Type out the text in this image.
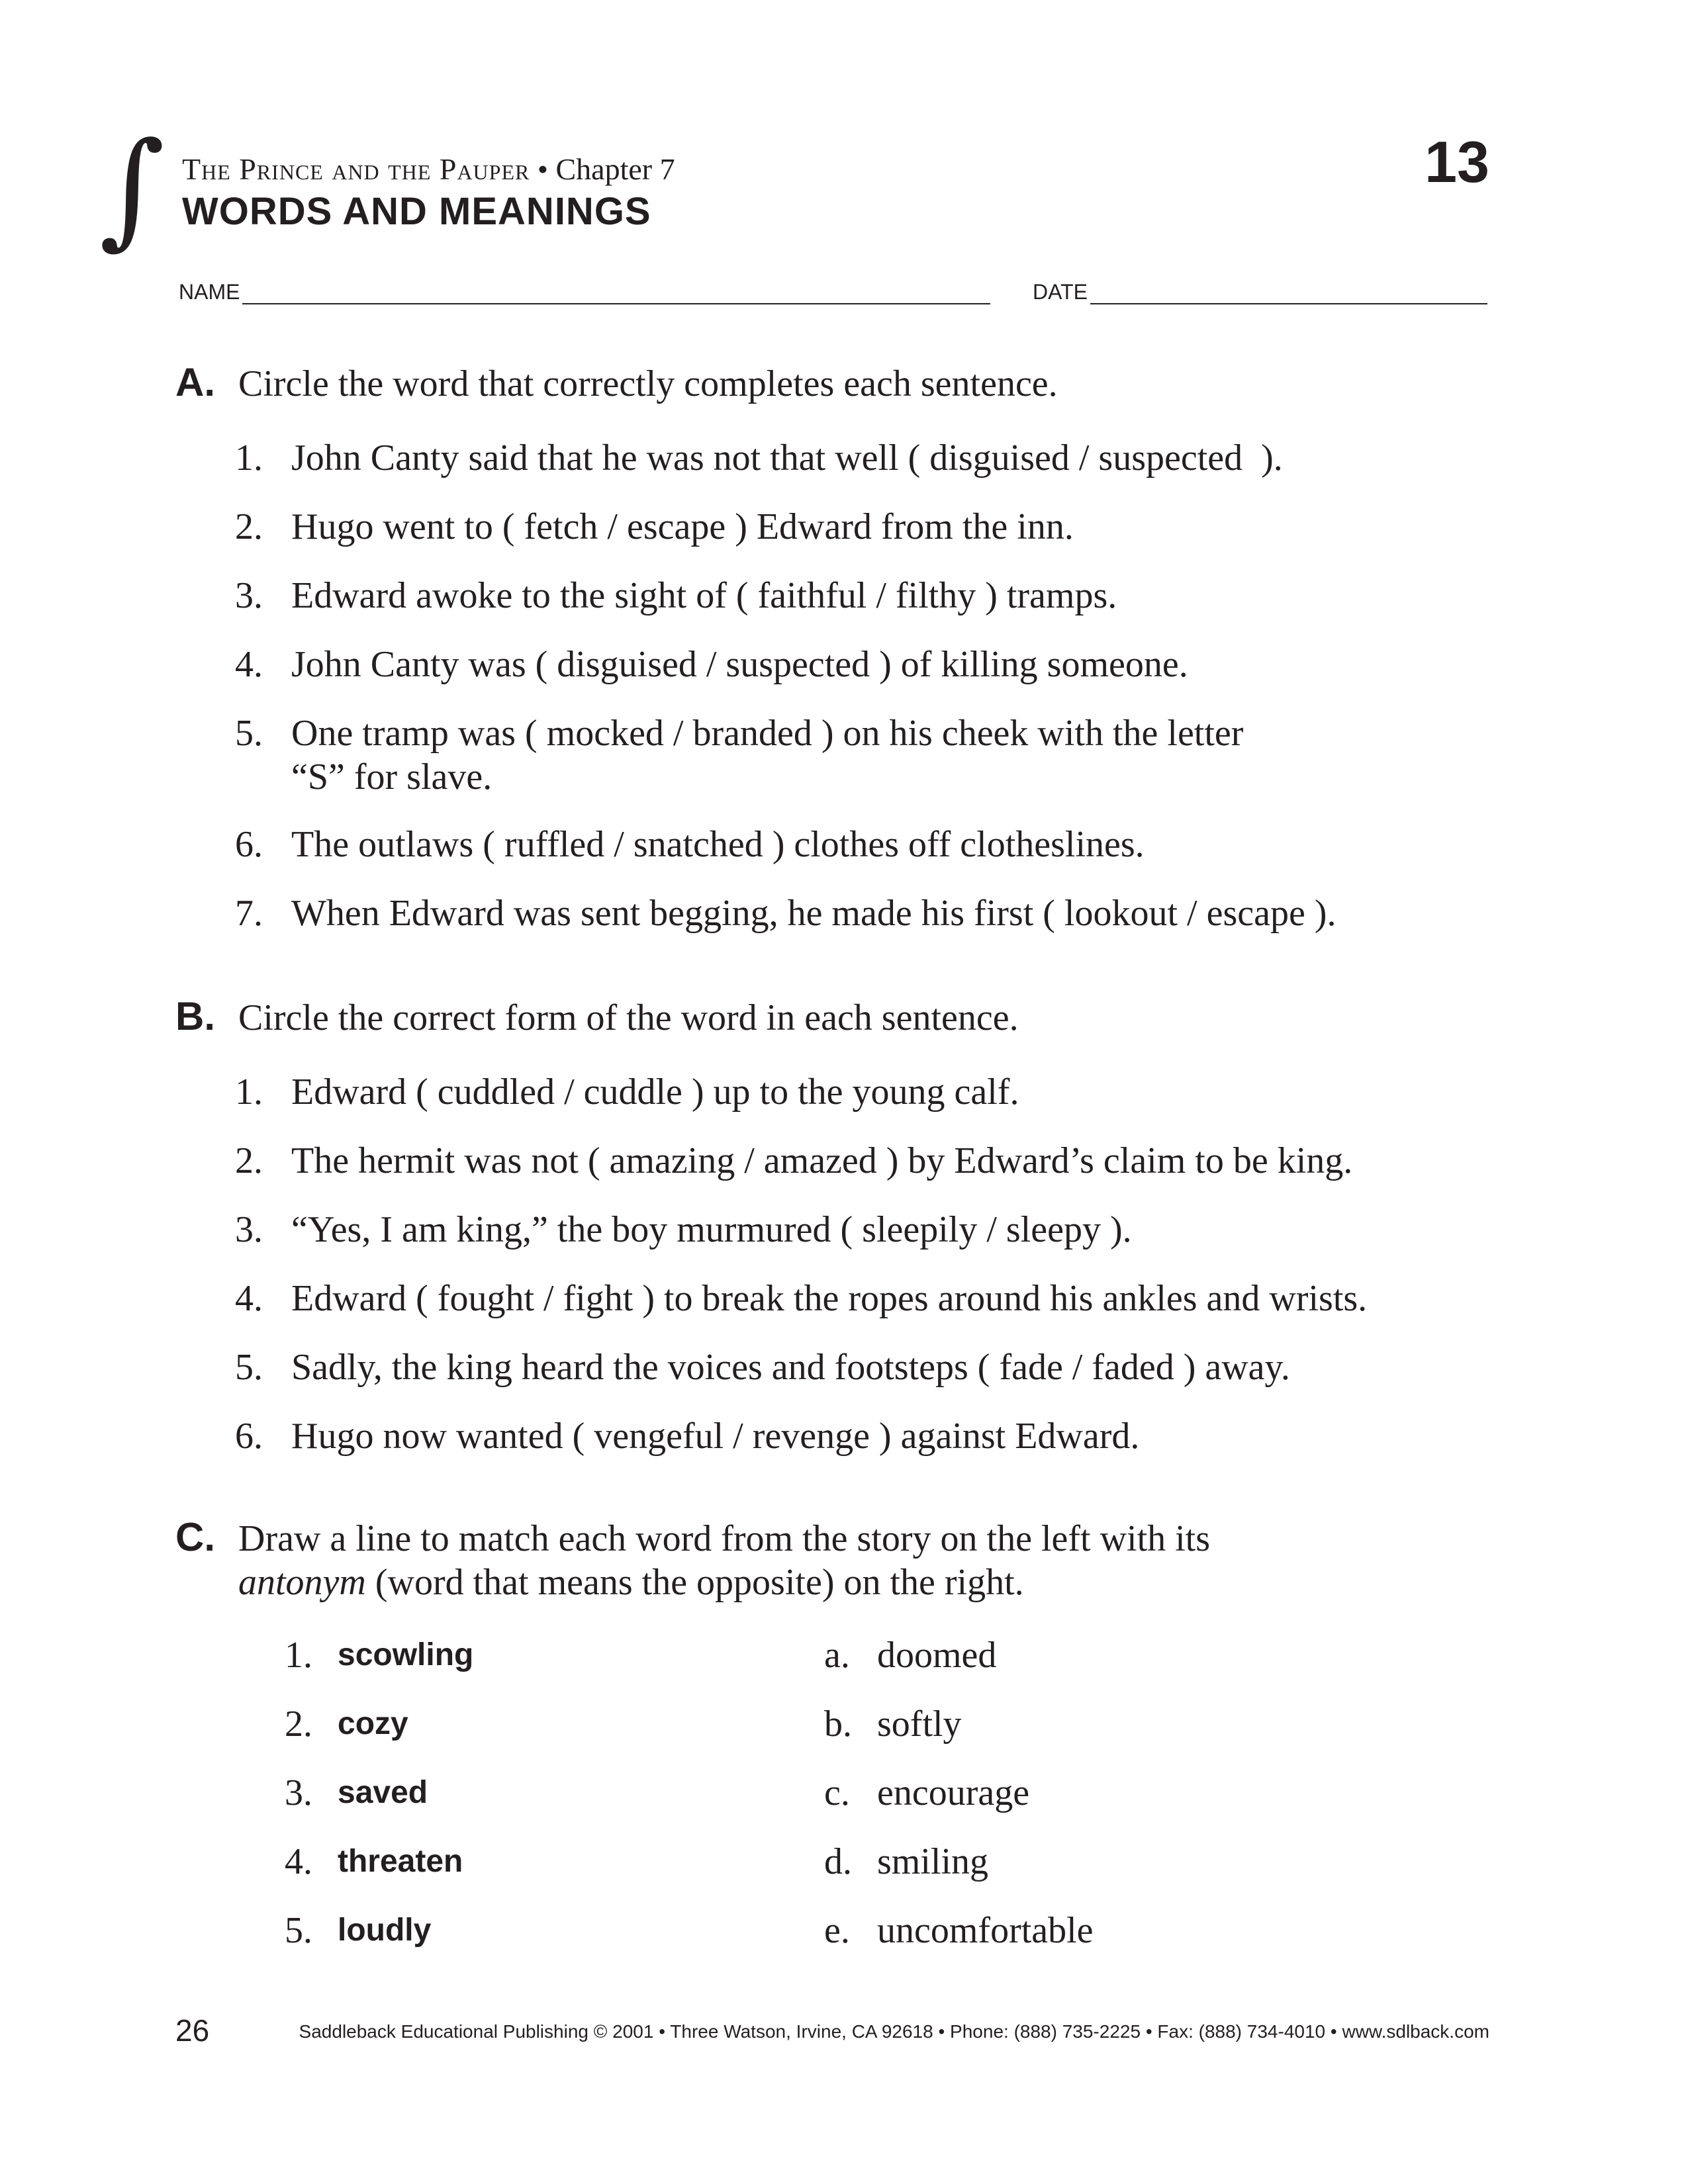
∫ The Prince and the Pauper • Chapter 7
WORDS AND MEANINGS
13
NAME	DATE
A. Circle the word that correctly completes each sentence.
1. John Canty said that he was not that well ( disguised / suspected  ).
2. Hugo went to ( fetch / escape ) Edward from the inn.
3. Edward awoke to the sight of ( faithful / filthy ) tramps.
4. John Canty was ( disguised / suspected ) of killing someone.
5. One tramp was ( mocked / branded ) on his cheek with the letter
“S” for slave.
6. The outlaws ( ruffled / snatched ) clothes off clotheslines.
7. When Edward was sent begging, he made his first ( lookout / escape ).
B. Circle the correct form of the word in each sentence.
1. Edward ( cuddled / cuddle ) up to the young calf.
2. The hermit was not ( amazing / amazed ) by Edward’s claim to be king.
3. “Yes, I am king,” the boy murmured ( sleepily / sleepy ).
4. Edward ( fought / fight ) to break the ropes around his ankles and wrists.
5. Sadly, the king heard the voices and footsteps ( fade / faded ) away.
6. Hugo now wanted ( vengeful / revenge ) against Edward.
C. Draw a line to match each word from the story on the left with its
antonym (word that means the opposite) on the right.
1. scowling	a. doomed
2. cozy	b. softly
3. saved	c. encourage
4. threaten	d. smiling
5. loudly	e. uncomfortable
26	Saddleback Educational Publishing © 2001 • Three Watson, Irvine, CA 92618 • Phone: (888) 735-2225 • Fax: (888) 734-4010 • www.sdlback.com
